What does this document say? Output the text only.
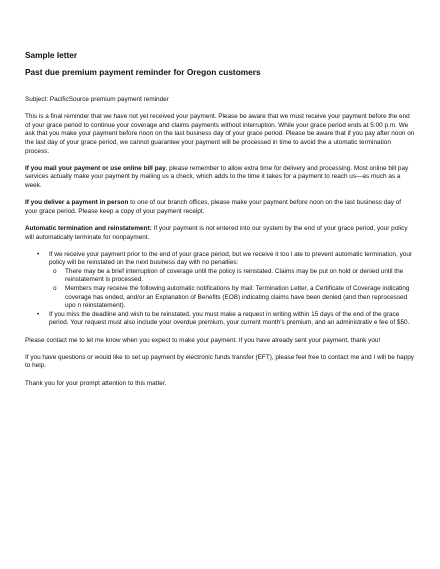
Sample letter
Past due premium payment reminder for Oregon customers

Subject: PacificSource premium payment reminder

This is a final reminder that we have not yet received your payment. Please be aware that we must receive your payment before the end of your grace period to continue your coverage and claims payments without interruption. While your grace period ends at 5:00 p.m. We ask that you make your payment before noon on the last business day of your grace period. Please be aware that if you pay after noon on the last day of your grace period, we cannot guarantee your payment will be processed in time to avoid the a utomatic termination process.

If you mail your payment or use online bill pay, please remember to allow extra time for delivery and processing. Most online bill pay services actually make your payment by mailing us a check, which adds to the time it takes for a payment to reach us—as much as a week.

If you deliver a payment in person to one of our branch offices, please make your payment before noon on the last business day of your grace period. Please keep a copy of your payment receipt.

Automatic termination and reinstatement: If your payment is not entered into our system by the end of your grace period, your policy will automatically terminate for nonpayment.

• If we receive your payment prior to the end of your grace period, but we receive it too l ate to prevent automatic termination, your policy will be reinstated on the next business day with no penalties:
o There may be a brief interruption of coverage until the policy is reinstated. Claims may be put on hold or denied until the reinstatement is processed.
o Members may receive the following automatic notifications by mail: Termination Letter, a Certificate of Coverage indicating coverage has ended, and/or an Explanation of Benefits (EOB) indicating claims have been denied (and then reprocessed upo n reinstatement).
• If you miss the deadline and wish to be reinstated, you must make a request in writing within 15 days of the end of the grace period. Your request must also include your overdue premium, your current month's premium, and an administrativ e fee of $50.

Please contact me to let me know when you expect to make your payment. If you have already sent your payment, thank you!

If you have questions or would like to set up payment by electronic funds transfer (EFT), please feel free to contact me and I will be happy to help.

Thank you for your prompt attention to this matter.
